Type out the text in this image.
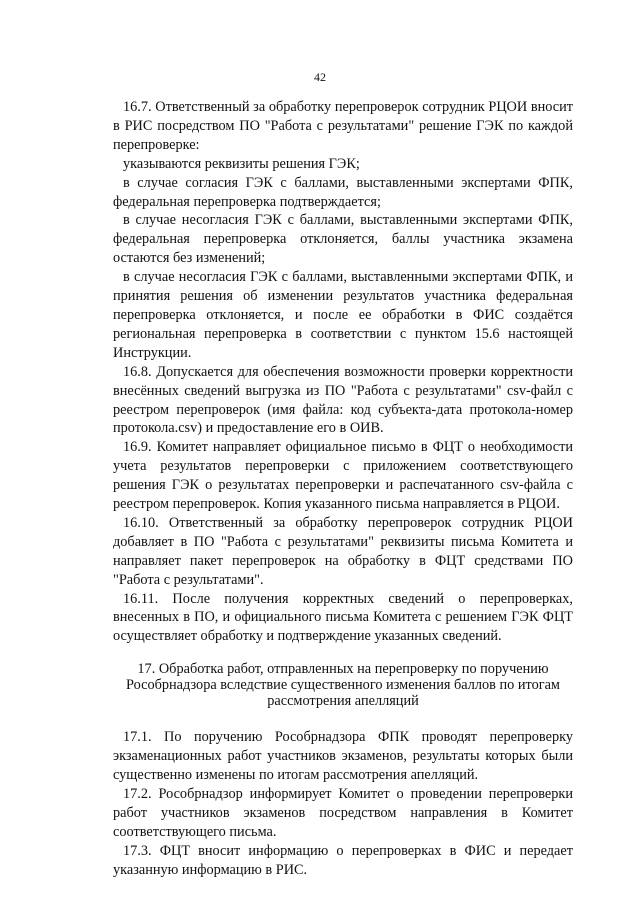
42

16.7. Ответственный за обработку перепроверок сотрудник РЦОИ вносит в РИС посредством ПО "Работа с результатами" решение ГЭК по каждой перепроверке:

указываются реквизиты решения ГЭК;

в случае согласия ГЭК с баллами, выставленными экспертами ФПК, федеральная перепроверка подтверждается;

в случае несогласия ГЭК с баллами, выставленными экспертами ФПК, федеральная перепроверка отклоняется, баллы участника экзамена остаются без изменений;

в случае несогласия ГЭК с баллами, выставленными экспертами ФПК, и принятия решения об изменении результатов участника федеральная перепроверка отклоняется, и после ее обработки в ФИС создаётся региональная перепроверка в соответствии с пунктом 15.6 настоящей Инструкции.

16.8. Допускается для обеспечения возможности проверки корректности внесённых сведений выгрузка из ПО "Работа с результатами" csv-файл с реестром перепроверок (имя файла: код субъекта-дата протокола-номер протокола.csv) и предоставление его в ОИВ.

16.9. Комитет направляет официальное письмо в ФЦТ о необходимости учета результатов перепроверки с приложением соответствующего решения ГЭК о результатах перепроверки и распечатанного csv-файла с реестром перепроверок. Копия указанного письма направляется в РЦОИ.

16.10. Ответственный за обработку перепроверок сотрудник РЦОИ добавляет в ПО "Работа с результатами" реквизиты письма Комитета и направляет пакет перепроверок на обработку в ФЦТ средствами ПО "Работа с результатами".

16.11. После получения корректных сведений о перепроверках, внесенных в ПО, и официального письма Комитета с решением ГЭК ФЦТ осуществляет обработку и подтверждение указанных сведений.

17. Обработка работ, отправленных на перепроверку по поручению
Рособрнадзора вследствие существенного изменения баллов по итогам
рассмотрения апелляций

17.1. По поручению Рособрнадзора ФПК проводят перепроверку экзаменационных работ участников экзаменов, результаты которых были существенно изменены по итогам рассмотрения апелляций.

17.2. Рособрнадзор информирует Комитет о проведении перепроверки работ участников экзаменов посредством направления в Комитет соответствующего письма.

17.3. ФЦТ вносит информацию о перепроверках в ФИС и передает указанную информацию в РИС.
